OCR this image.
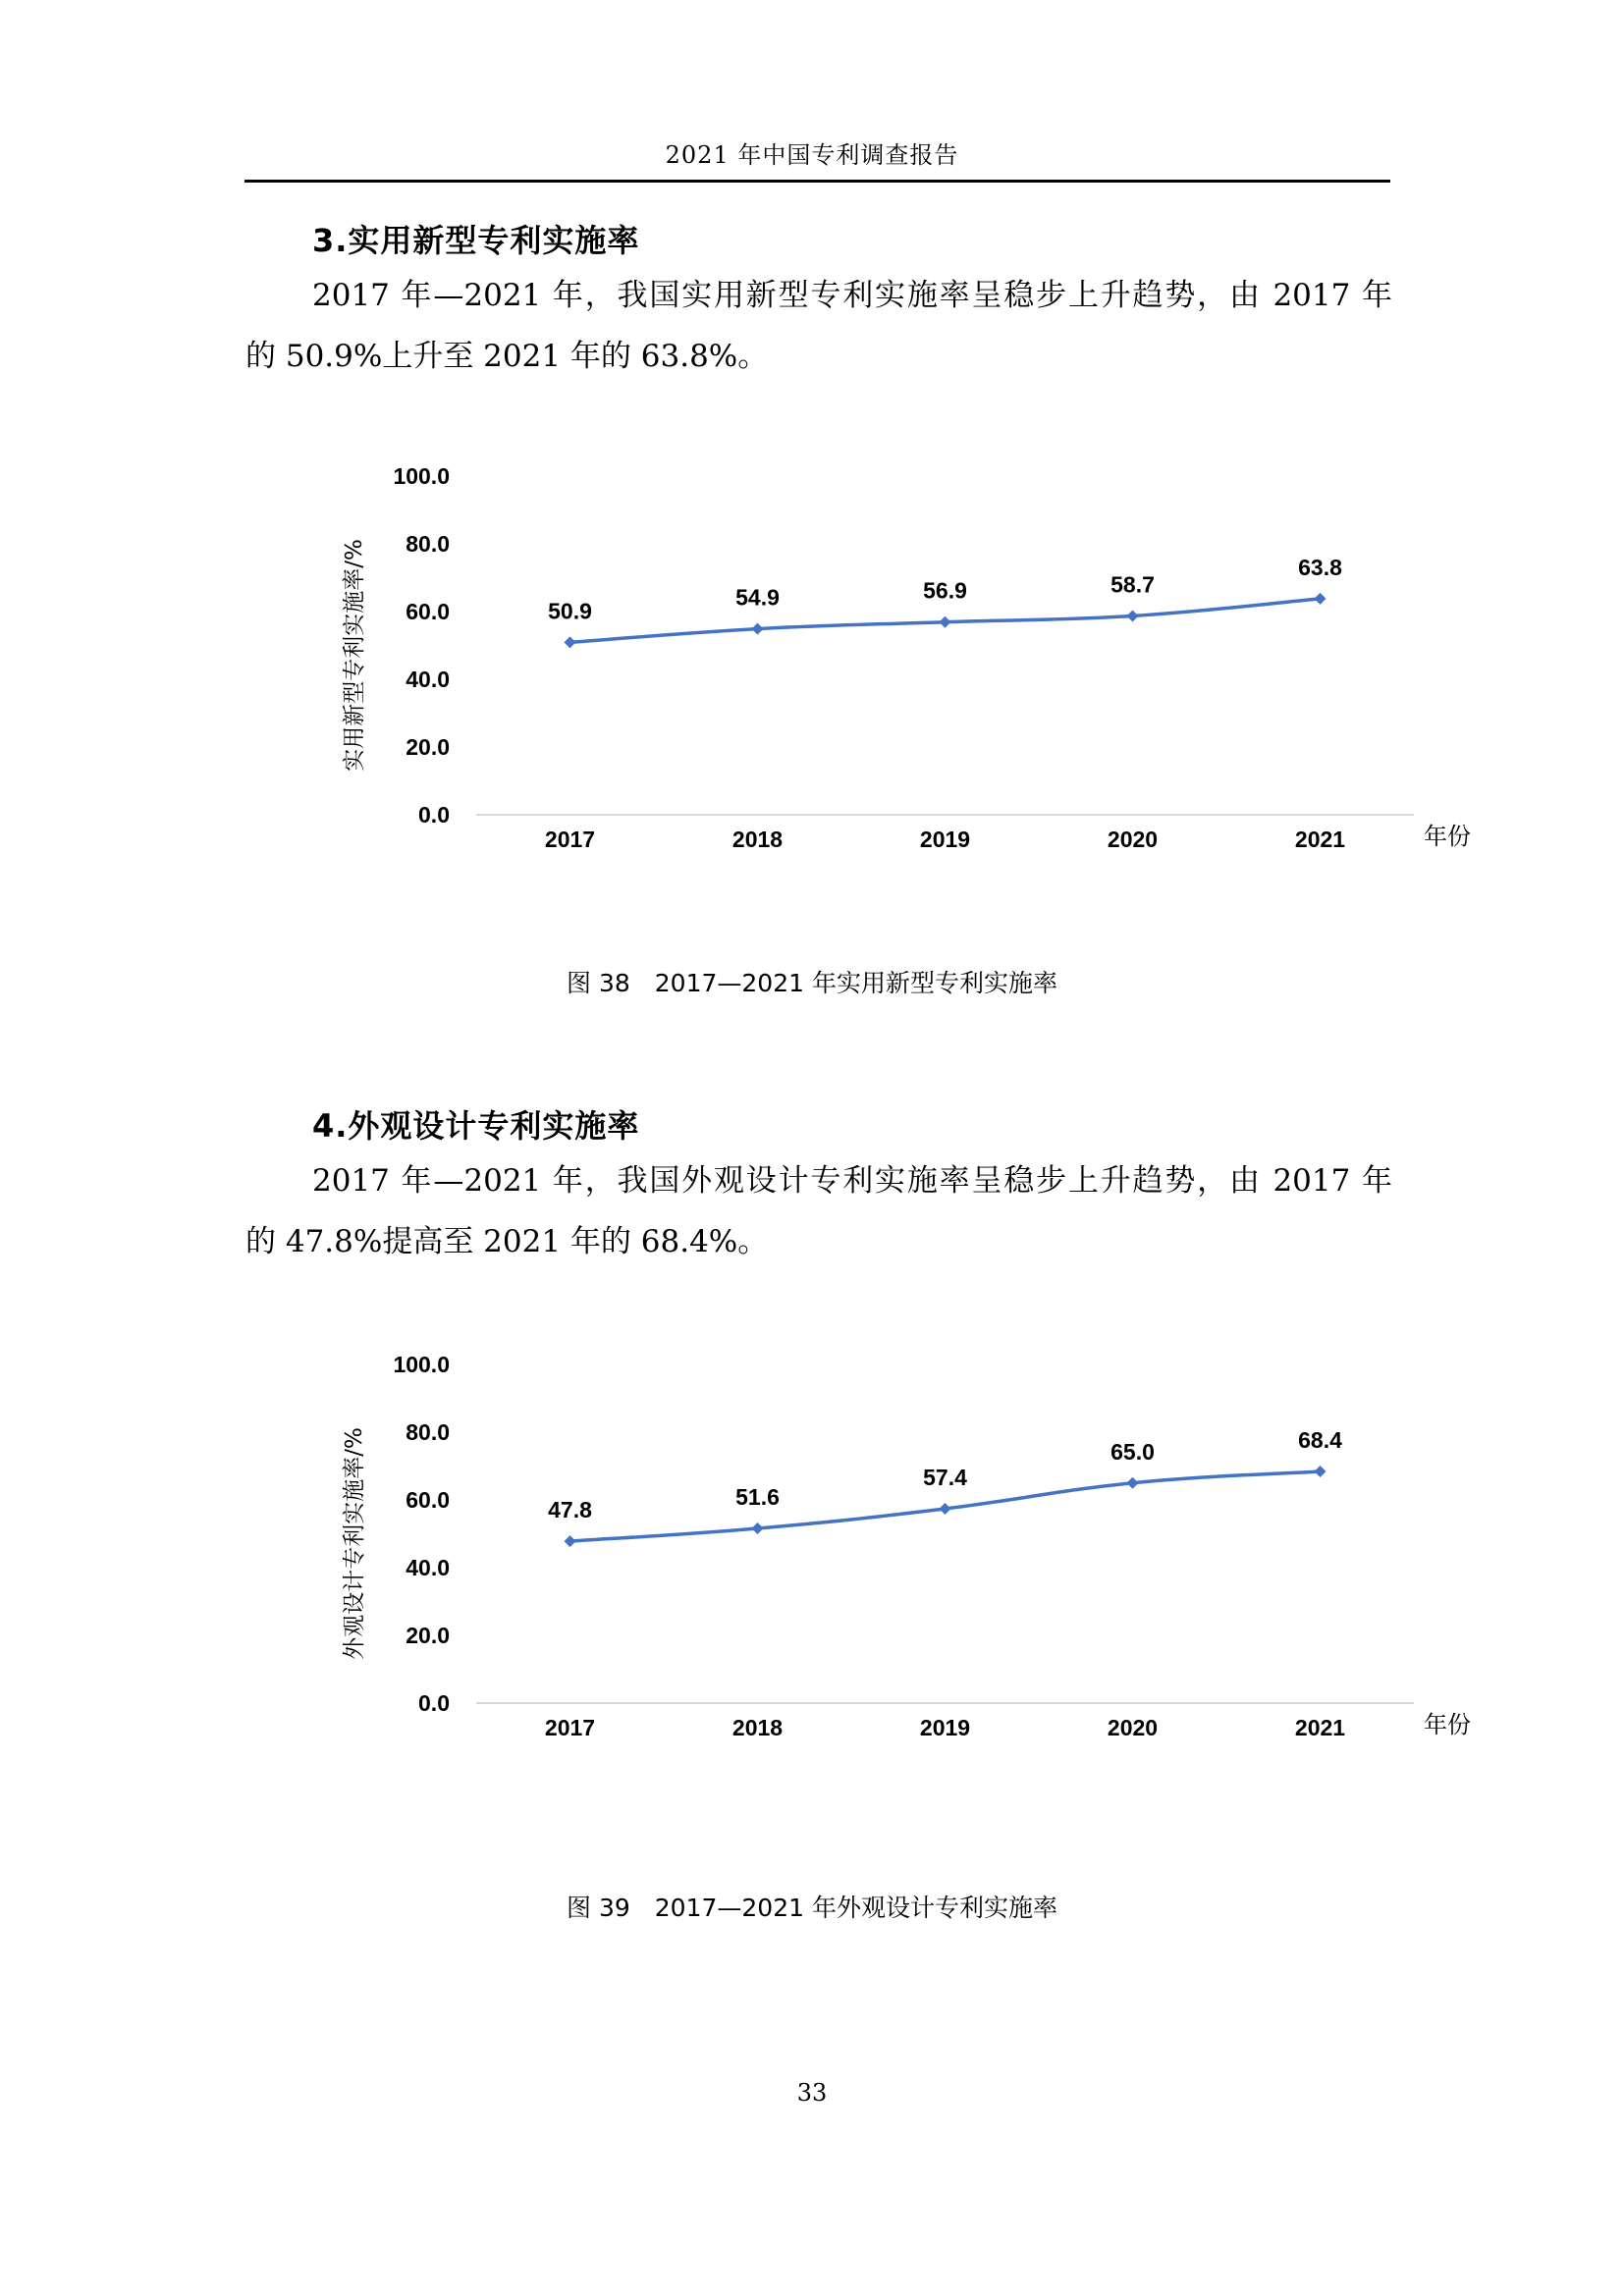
2021 年中国专利调查报告
3.实用新型专利实施率

2017 年—2021 年，我国实用新型专利实施率呈稳步上升趋势，由 2017 年

的 50.9%上升至 2021 年的 63.8%。

实用新型专利实施率/%
0.0
20.0
40.0
60.0
80.0
100.0
2017	2018	2019	2020	2021	年份
50.9
54.9	56.9	58.7
63.8
图 38　2017—2021 年实用新型专利实施率
4.外观设计专利实施率

2017 年—2021 年，我国外观设计专利实施率呈稳步上升趋势，由 2017 年

的 47.8%提高至 2021 年的 68.4%。

外观设计专利实施率/%
0.0
20.0
40.0
60.0
80.0
100.0
2017	2018	2019	2020	2021	年份
47.8
51.6
57.4
65.0	68.4
图 39　2017—2021 年外观设计专利实施率
33
